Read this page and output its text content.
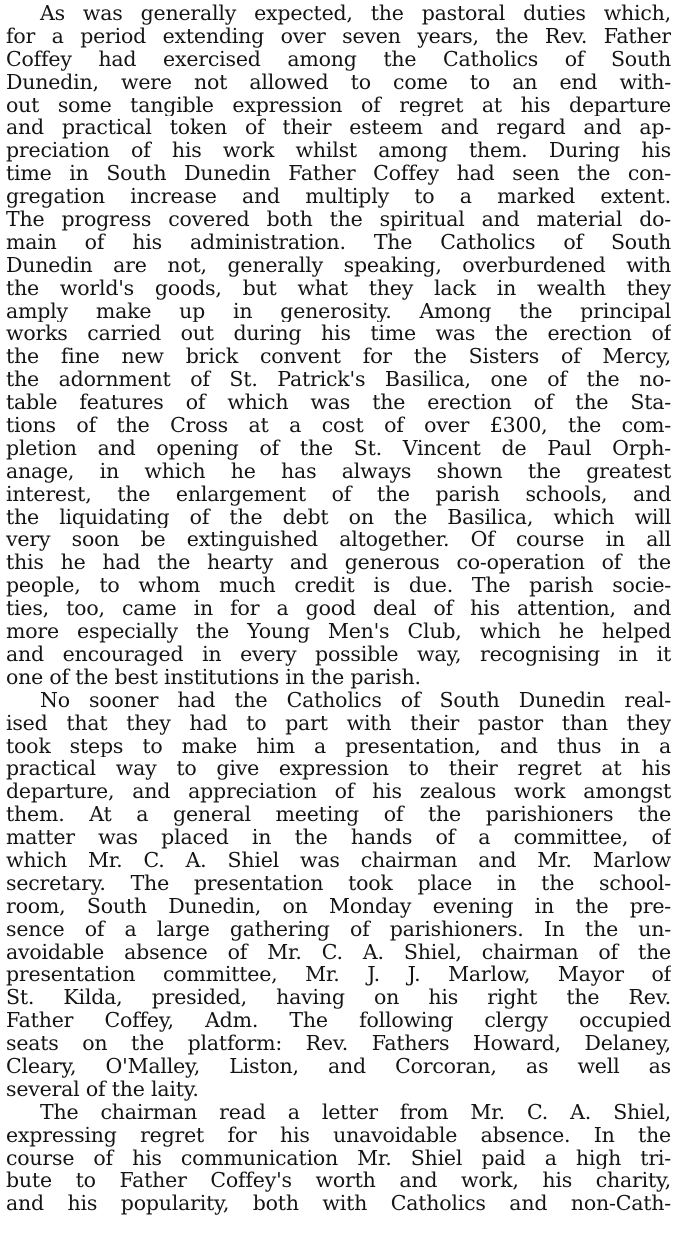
As was generally expected, the pastoral duties which,
for a period extending over seven years, the Rev. Father
Coffey had exercised among the Catholics of South
Dunedin, were not allowed to come to an end with-
out some tangible expression of regret at his departure
and practical token of their esteem and regard and ap-
preciation of his work whilst among them. During his
time in South Dunedin Father Coffey had seen the con-
gregation increase and multiply to a marked extent.
The progress covered both the spiritual and material do-
main of his administration. The Catholics of South
Dunedin are not, generally speaking, overburdened with
the world's goods, but what they lack in wealth they
amply make up in generosity. Among the principal
works carried out during his time was the erection of
the fine new brick convent for the Sisters of Mercy,
the adornment of St. Patrick's Basilica, one of the no-
table features of which was the erection of the Sta-
tions of the Cross at a cost of over £300, the com-
pletion and opening of the St. Vincent de Paul Orph-
anage, in which he has always shown the greatest
interest, the enlargement of the parish schools, and
the liquidating of the debt on the Basilica, which will
very soon be extinguished altogether. Of course in all
this he had the hearty and generous co-operation of the
people, to whom much credit is due. The parish socie-
ties, too, came in for a good deal of his attention, and
more especially the Young Men's Club, which he helped
and encouraged in every possible way, recognising in it
one of the best institutions in the parish.
No sooner had the Catholics of South Dunedin real-
ised that they had to part with their pastor than they
took steps to make him a presentation, and thus in a
practical way to give expression to their regret at his
departure, and appreciation of his zealous work amongst
them. At a general meeting of the parishioners the
matter was placed in the hands of a committee, of
which Mr. C. A. Shiel was chairman and Mr. Marlow
secretary. The presentation took place in the school-
room, South Dunedin, on Monday evening in the pre-
sence of a large gathering of parishioners. In the un-
avoidable absence of Mr. C. A. Shiel, chairman of the
presentation committee, Mr. J. J. Marlow, Mayor of
St. Kilda, presided, having on his right the Rev.
Father Coffey, Adm. The following clergy occupied
seats on the platform: Rev. Fathers Howard, Delaney,
Cleary, O'Malley, Liston, and Corcoran, as well as
several of the laity.
The chairman read a letter from Mr. C. A. Shiel,
expressing regret for his unavoidable absence. In the
course of his communication Mr. Shiel paid a high tri-
bute to Father Coffey's worth and work, his charity,
and his popularity, both with Catholics and non-Cath-
